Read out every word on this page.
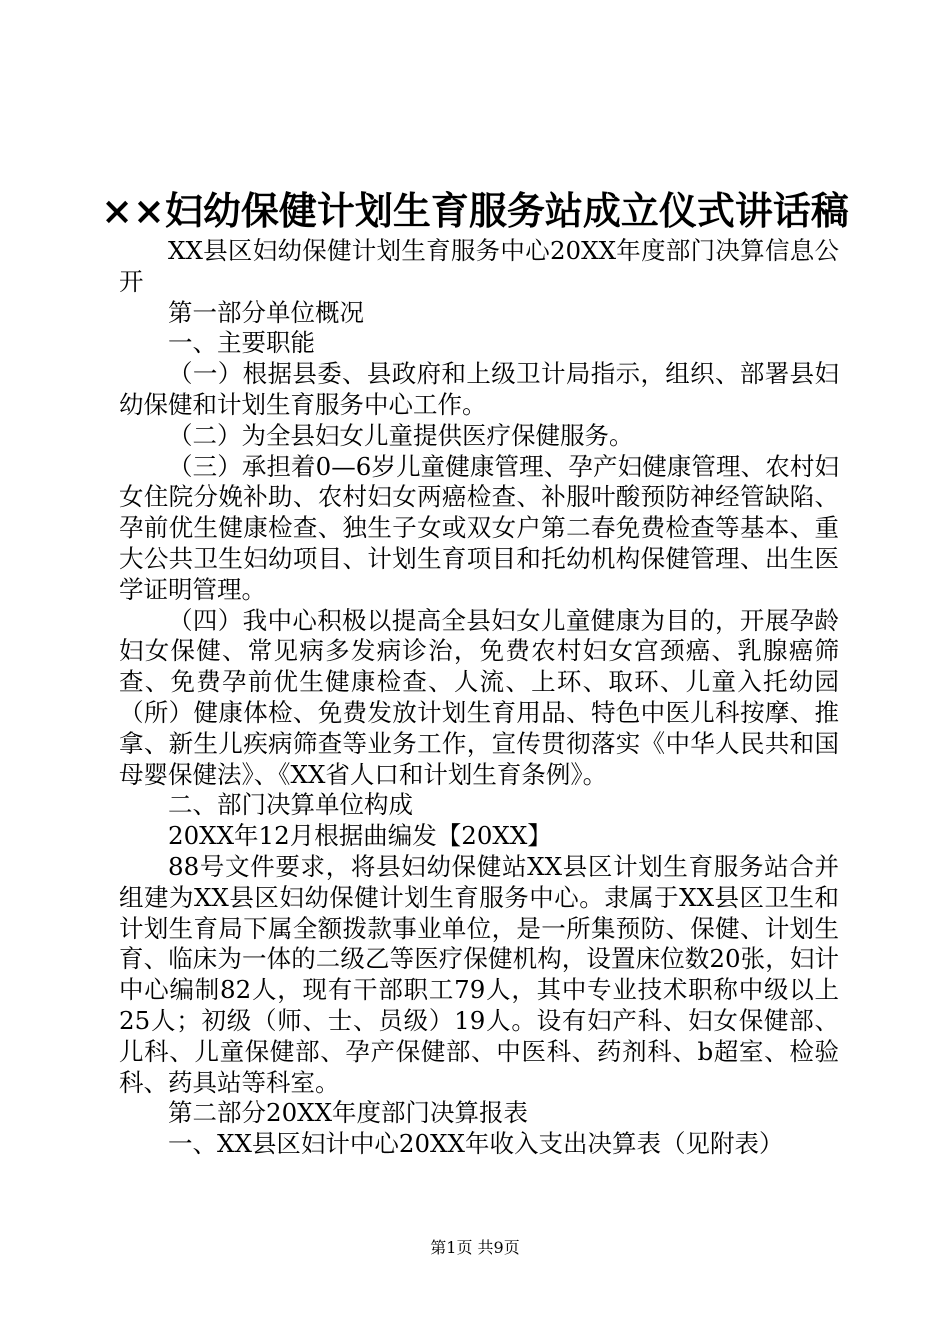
××妇幼保健计划生育服务站成立仪式讲话稿

XX县区妇幼保健计划生育服务中心20XX年度部门决算信息公开

第一部分单位概况

一、主要职能

（一）根据县委、县政府和上级卫计局指示，组织、部署县妇幼保健和计划生育服务中心工作。

（二）为全县妇女儿童提供医疗保健服务。

（三）承担着0—6岁儿童健康管理、孕产妇健康管理、农村妇女住院分娩补助、农村妇女两癌检查、补服叶酸预防神经管缺陷、孕前优生健康检查、独生子女或双女户第二春免费检查等基本、重大公共卫生妇幼项目、计划生育项目和托幼机构保健管理、出生医学证明管理。

（四）我中心积极以提高全县妇女儿童健康为目的，开展孕龄妇女保健、常见病多发病诊治，免费农村妇女宫颈癌、乳腺癌筛查、免费孕前优生健康检查、人流、上环、取环、儿童入托幼园（所）健康体检、免费发放计划生育用品、特色中医儿科按摩、推拿、新生儿疾病筛查等业务工作，宣传贯彻落实《中华人民共和国母婴保健法》、《XX省人口和计划生育条例》。

二、部门决算单位构成

20XX年12月根据曲编发【20XX】

88号文件要求，将县妇幼保健站XX县区计划生育服务站合并组建为XX县区妇幼保健计划生育服务中心。隶属于XX县区卫生和计划生育局下属全额拨款事业单位，是一所集预防、保健、计划生育、临床为一体的二级乙等医疗保健机构，设置床位数20张，妇计中心编制82人，现有干部职工79人，其中专业技术职称中级以上25人；初级（师、士、员级）19人。设有妇产科、妇女保健部、儿科、儿童保健部、孕产保健部、中医科、药剂科、b超室、检验科、药具站等科室。

第二部分20XX年度部门决算报表

一、XX县区妇计中心20XX年收入支出决算表（见附表）

第1页 共9页
